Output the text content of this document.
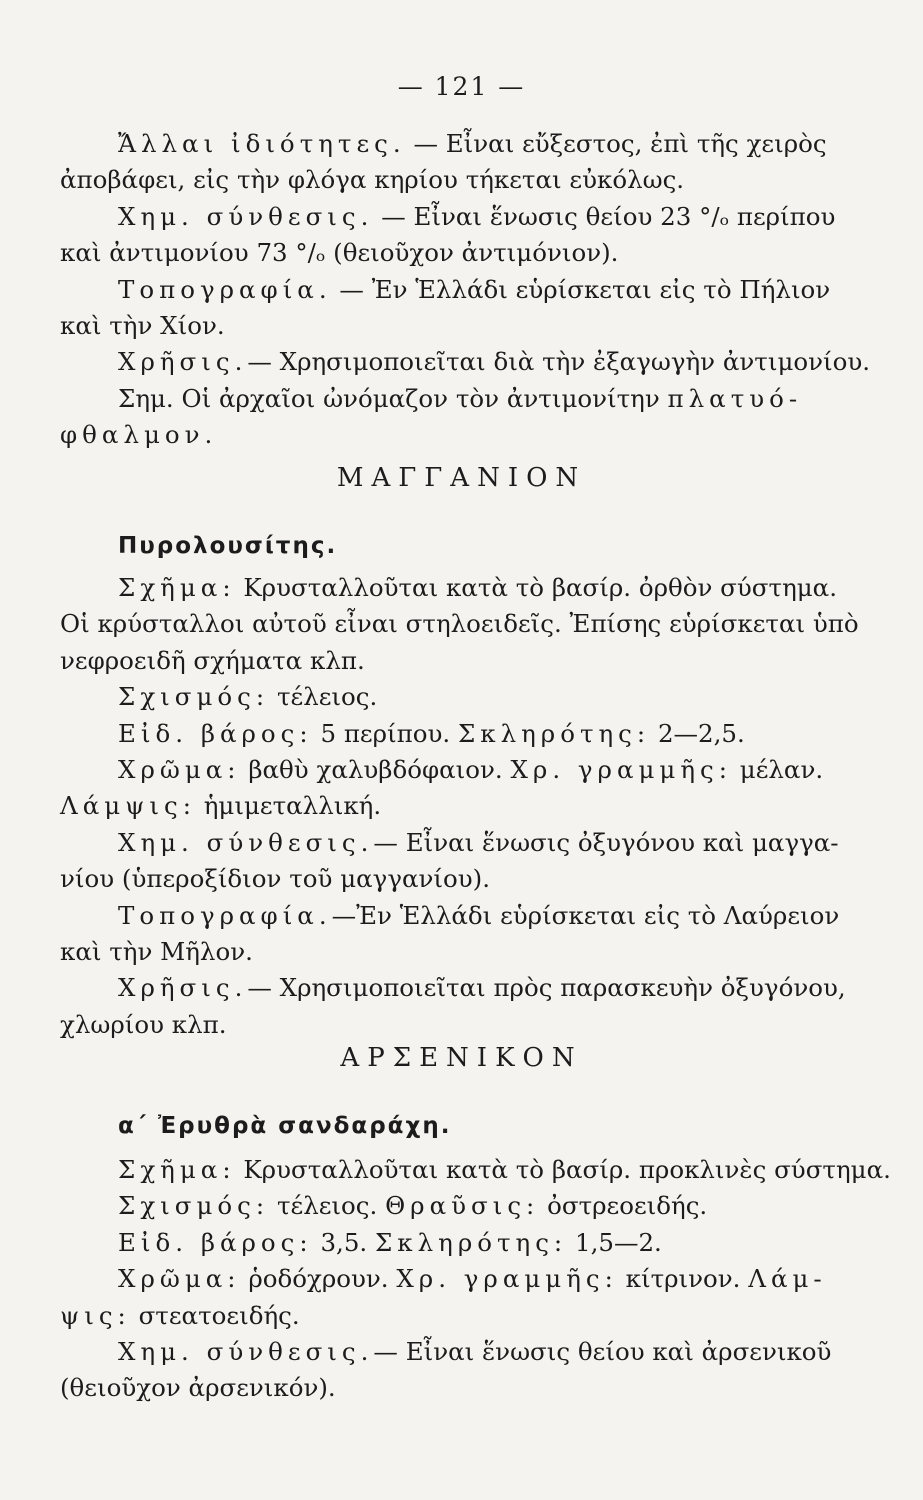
— 121 —
Ἄλλαι ἰδιότητες. — Εἶναι εὔξεστος, ἐπὶ τῆς χειρὸς
ἀποβάφει, εἰς τὴν φλόγα κηρίου τήκεται εὐκόλως.
Χημ. σύνθεσις. — Εἶναι ἕνωσις θείου 23 °/ₒ περίπου
καὶ ἀντιμονίου 73 °/ₒ (θειοῦχον ἀντιμόνιον).
Τοπογραφία. — Ἐν Ἑλλάδι εὑρίσκεται εἰς τὸ Πήλιον
καὶ τὴν Χίον.
Χρῆσις.— Χρησιμοποιεῖται διὰ τὴν ἐξαγωγὴν ἀντιμονίου.
Σημ. Οἱ ἀρχαῖοι ὠνόμαζον τὸν ἀντιμονίτην πλατυό-
φθαλμον.
ΜΑΓΓΑΝΙΟΝ
Πυρολουσίτης.
Σχῆμα: Κρυσταλλοῦται κατὰ τὸ βασίρ. ὀρθὸν σύστημα.
Οἱ κρύσταλλοι αὐτοῦ εἶναι στηλοειδεῖς. Ἐπίσης εὑρίσκεται ὑπὸ
νεφροειδῆ σχήματα κλπ.
Σχισμός: τέλειος.
Εἰδ. βάρος: 5 περίπου. Σκληρότης: 2—2,5.
Χρῶμα: βαθὺ χαλυβδόφαιον. Χρ. γραμμῆς: μέλαν.
Λάμψις: ἡμιμεταλλική.
Χημ. σύνθεσις.— Εἶναι ἕνωσις ὀξυγόνου καὶ μαγγα-
νίου (ὑπεροξίδιον τοῦ μαγγανίου).
Τοπογραφία.—Ἐν Ἑλλάδι εὑρίσκεται εἰς τὸ Λαύρειον
καὶ τὴν Μῆλον.
Χρῆσις.— Χρησιμοποιεῖται πρὸς παρασκευὴν ὀξυγόνου,
χλωρίου κλπ.
ΑΡΣΕΝΙΚΟΝ
α΄ Ἐρυθρὰ σανδαράχη.
Σχῆμα: Κρυσταλλοῦται κατὰ τὸ βασίρ. προκλινὲς σύστημα.
Σχισμός: τέλειος. Θραῦσις: ὀστρεοειδής.
Εἰδ. βάρος: 3,5. Σκληρότης: 1,5—2.
Χρῶμα: ῥοδόχρουν. Χρ. γραμμῆς: κίτρινον. Λάμ-
ψις: στεατοειδής.
Χημ. σύνθεσις.— Εἶναι ἕνωσις θείου καὶ ἀρσενικοῦ
(θειοῦχον ἀρσενικόν).
